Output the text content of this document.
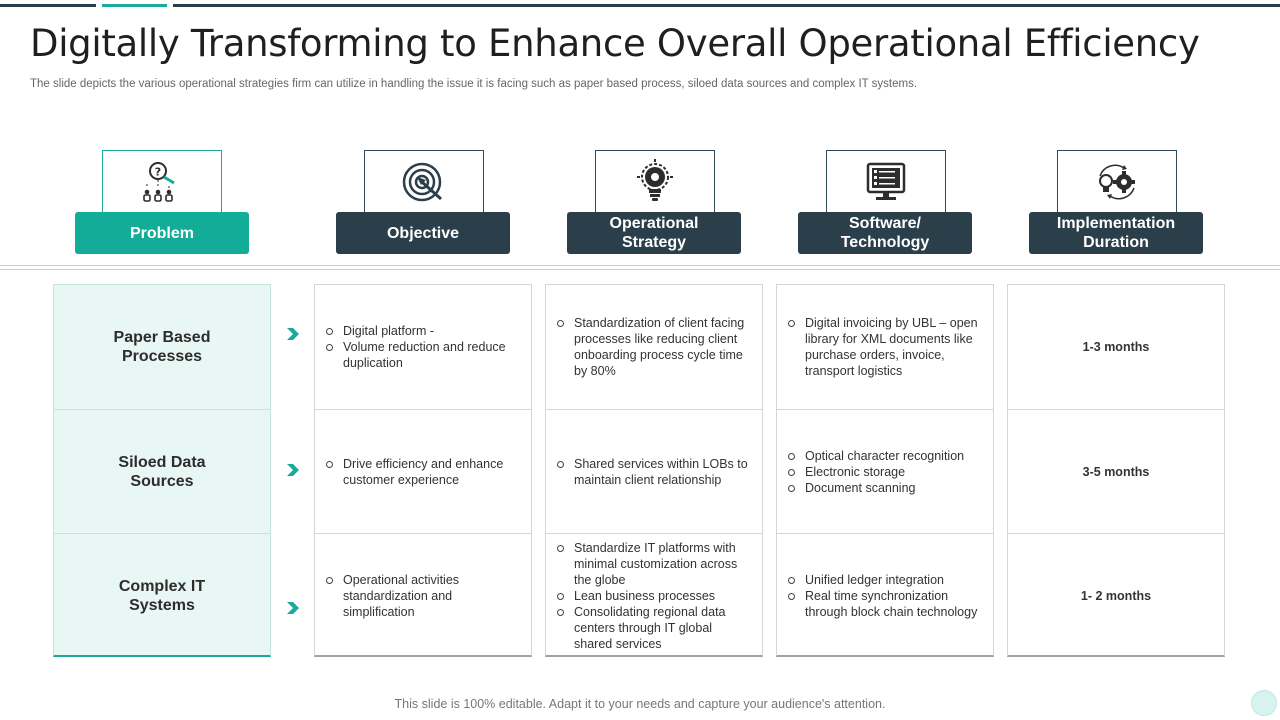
Digitally Transforming to Enhance Overall Operational Efficiency
The slide depicts the various operational strategies firm can utilize in handling the issue it is facing such as paper based process, siloed data sources and complex IT systems.
?
Problem	Objective
Operational Strategy
Software/ Technology
Implementation Duration
Paper Based Processes
Siloed Data Sources
Complex IT Systems
Digital platform -
Volume reduction and reduce duplication
Drive efficiency and enhance customer experience
Operational activities standardization and simplification
Standardization of client facing processes like reducing client onboarding process cycle time by 80%
Shared services within LOBs to maintain client relationship
Standardize IT platforms with minimal customization across the globe
Lean business processes
Consolidating regional data centers through IT global shared services
Digital invoicing by UBL – open library for XML documents like purchase orders, invoice, transport logistics
Optical character recognition
Electronic storage
Document scanning
Unified ledger integration
Real time synchronization through block chain technology
1-3 months
3-5 months
1- 2 months
This slide is 100% editable. Adapt it to your needs and capture your audience's attention.
